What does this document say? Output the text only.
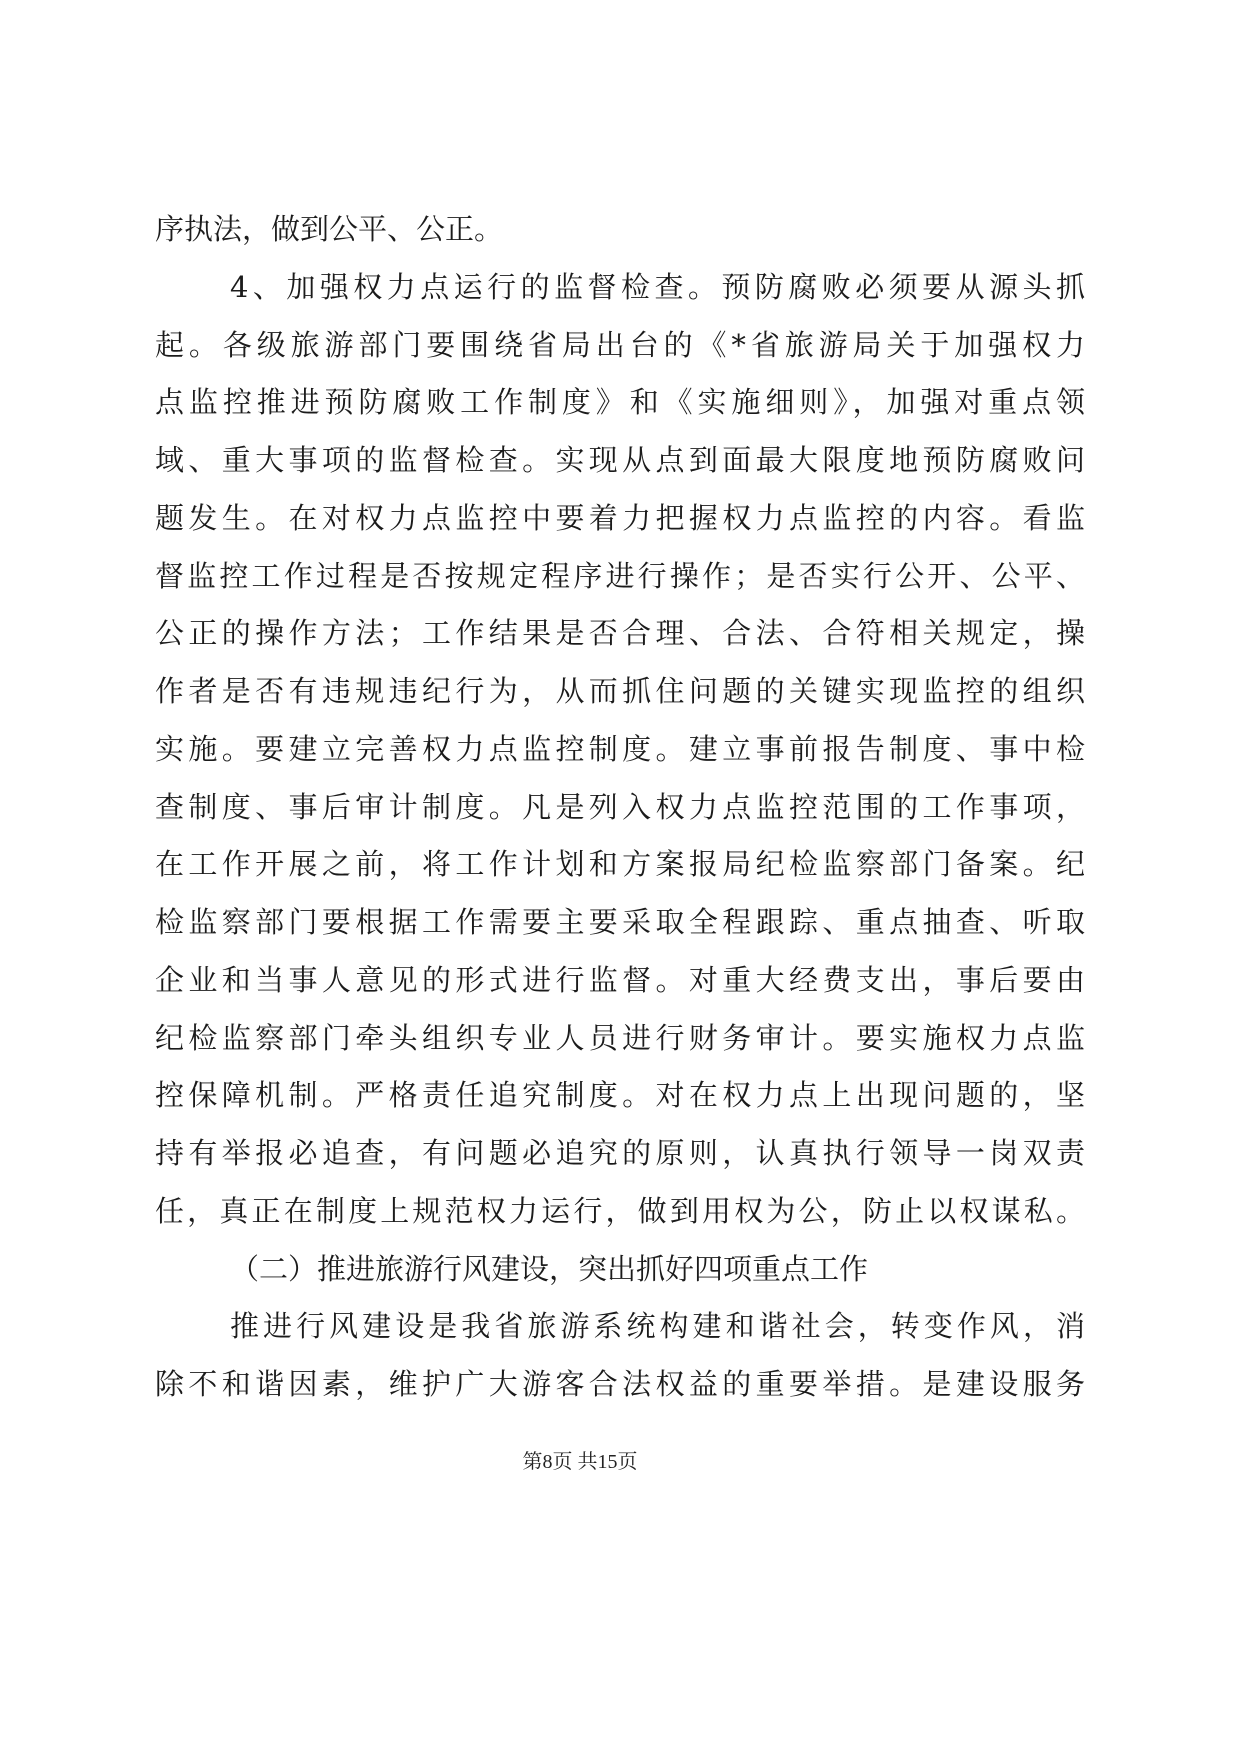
序执法，做到公平、公正。
4、加强权力点运行的监督检查。预防腐败必须要从源头抓
起。各级旅游部门要围绕省局出台的《*省旅游局关于加强权力
点监控推进预防腐败工作制度》和《实施细则》，加强对重点领
域、重大事项的监督检查。实现从点到面最大限度地预防腐败问
题发生。在对权力点监控中要着力把握权力点监控的内容。看监
督监控工作过程是否按规定程序进行操作；是否实行公开、公平、
公正的操作方法；工作结果是否合理、合法、合符相关规定，操
作者是否有违规违纪行为，从而抓住问题的关键实现监控的组织
实施。要建立完善权力点监控制度。建立事前报告制度、事中检
查制度、事后审计制度。凡是列入权力点监控范围的工作事项，
在工作开展之前，将工作计划和方案报局纪检监察部门备案。纪
检监察部门要根据工作需要主要采取全程跟踪、重点抽查、听取
企业和当事人意见的形式进行监督。对重大经费支出，事后要由
纪检监察部门牵头组织专业人员进行财务审计。要实施权力点监
控保障机制。严格责任追究制度。对在权力点上出现问题的，坚
持有举报必追查，有问题必追究的原则，认真执行领导一岗双责
任，真正在制度上规范权力运行，做到用权为公，防止以权谋私。
（二）推进旅游行风建设，突出抓好四项重点工作
推进行风建设是我省旅游系统构建和谐社会，转变作风，消
除不和谐因素，维护广大游客合法权益的重要举措。是建设服务
第8页 共15页
